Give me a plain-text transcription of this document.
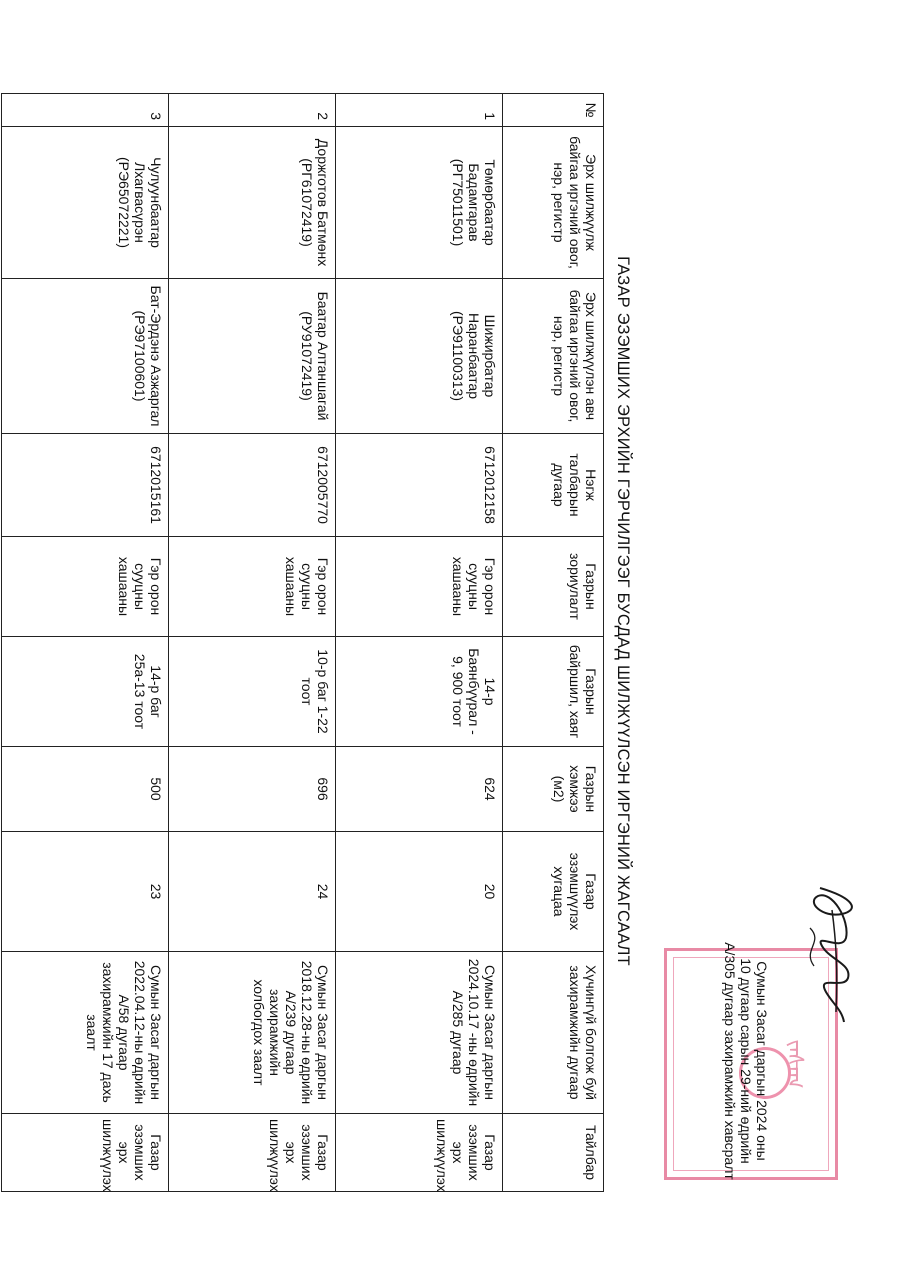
ᠵᠠᠰᠠᠭ
Сумын Засаг даргын 2024 оны
10 дугаар сарын 29-ний өдрийн
А/305 дугаар захирамжийн хавсралт
ГАЗАР ЭЗЭМШИХ ЭРХИЙН ГЭРЧИЛГЭЭГ БУСДАД ШИЛЖҮҮЛСЭН ИРГЭНИЙ ЖАГСААЛТ
№	Эрх шилжүүлж байгаа иргэний овог, нэр, регистр	Эрх шилжүүлэн авч байгаа иргэний овог, нэр, регистр	Нэгж талбарын дугаар	Газрын зориулалт	Газрын байршил, хаяг	Газрын хэмжээ (м2)	Газар эзэмшүүлэх хугацаа	Хүчингүй болгож буй захирамжийн дугаар	Тайлбар
1	Төмөрбаатар Бадамгарав (РГ75011501)	Шижирбатар Наранбаатар (РЭ91100313)	6712012158	Гэр орон сууцны хашааны	14-р Баянбүүрал - 9, 900 тоот	624	20	Сумын Засаг даргын 2024.10.17 -ны өдрийн А/285 дугаар	Газар эзэмших эрх шилжүүлэх
2	Доржготов Батмөнх (РГ61072419)	Баатар Алтаншагай (РУ91072419)	6712005770	Гэр орон сууцны хашааны	10-р баг 1-22 тоот	696	24	Сумын Засаг даргын 2018.12.28-ны өдрийн А/239 дугаар захирамжийн холбогдох заалт	Газар эзэмших эрх шилжүүлэх
3	Чулуунбаатар Лхагвасүрэн (РЭ65072221)	Бат-Эрдэнэ Азжаргал (РЭ97100601)	6712015161	Гэр орон сууцны хашааны	14-р баг 25а-13 тоот	500	23	Сумын Засаг даргын 2022.04.12-ны өдрийн А/58 дугаар захирамжийн 17 дахь заалт	Газар эзэмших эрх шилжүүлэх
